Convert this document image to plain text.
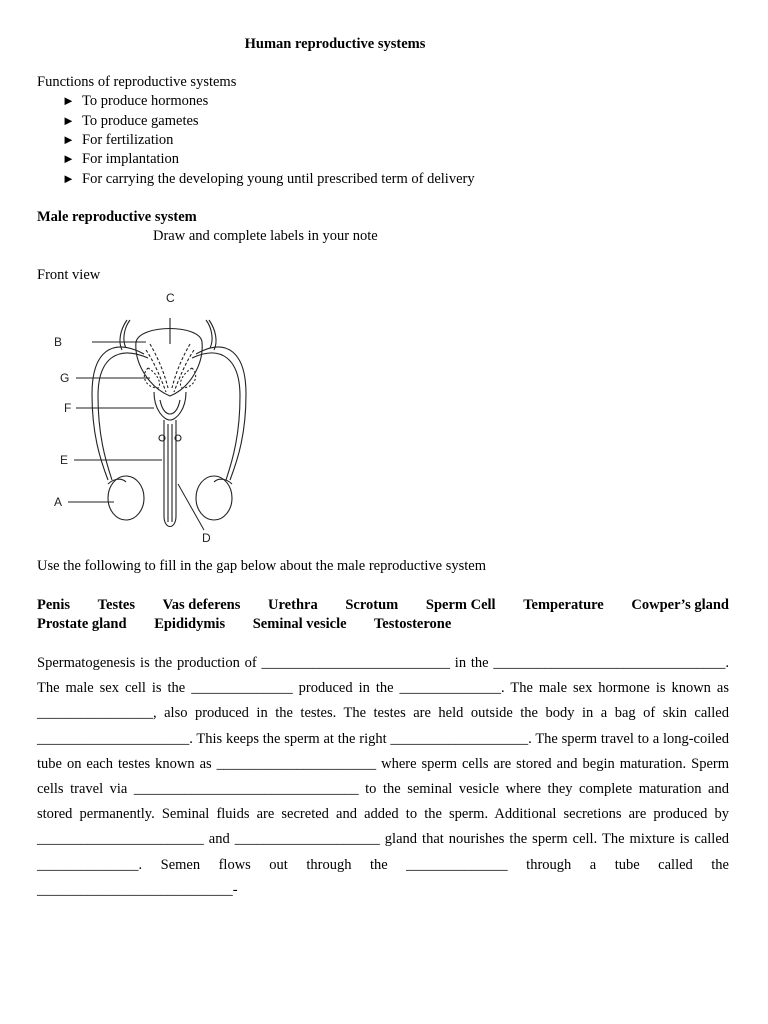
Human reproductive systems
Functions of reproductive systems
► To produce hormones
► To produce gametes
► For fertilization
► For implantation
► For carrying the developing young until prescribed term of delivery
Male reproductive system
Draw and complete labels in your note
Front view
C
B
G
F
E
A
D
Use the following to fill in the gap below about the male reproductive system
Penis Testes Vas deferens Urethra Scrotum Sperm Cell Temperature Cowper’s gland
Prostate gland Epididymis Seminal vesicle Testosterone
Spermatogenesis is the production of __________________________ in the ________________________________. The male sex cell is the ______________ produced in the ______________. The male sex hormone is known as ________________, also produced in the testes. The testes are held outside the body in a bag of skin called _____________________. This keeps the sperm at the right ___________________. The sperm travel to a long-coiled tube on each testes known as ______________________ where sperm cells are stored and begin maturation. Sperm cells travel via _______________________________ to the seminal vesicle where they complete maturation and stored permanently. Seminal fluids are secreted and added to the sperm. Additional secretions are produced by _______________________ and ____________________ gland that nourishes the sperm cell. The mixture is called ______________. Semen flows out through the ______________ through a tube called the ___________________________-
